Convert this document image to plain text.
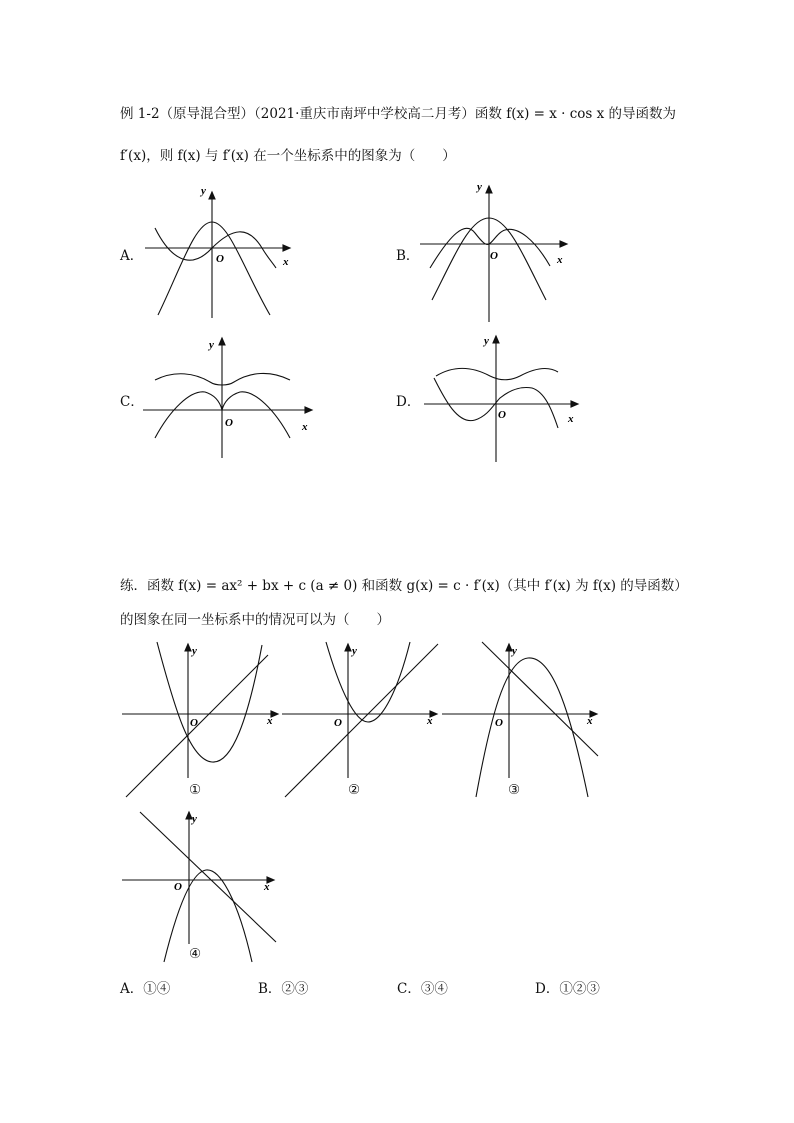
例 1-2（原导混合型）（2021·重庆市南坪中学校高二月考）函数 f(x) = x · cos x 的导函数为
f′(x)，则 f(x) 与 f′(x) 在一个坐标系中的图象为（　　）
A．	B．
C．	D．
O	x
y
O	x
y
O	x
y
O	x
y
练．函数 f(x) = ax² + bx + c (a ≠ 0) 和函数 g(x) = c · f′(x)（其中 f′(x) 为 f(x) 的导函数）
的图象在同一坐标系中的情况可以为（　　）
O	x
y
①
O	x
y
②
O	x
y
③
O	x
y
④
A．①④	B．②③	C．③④	D．①②③
